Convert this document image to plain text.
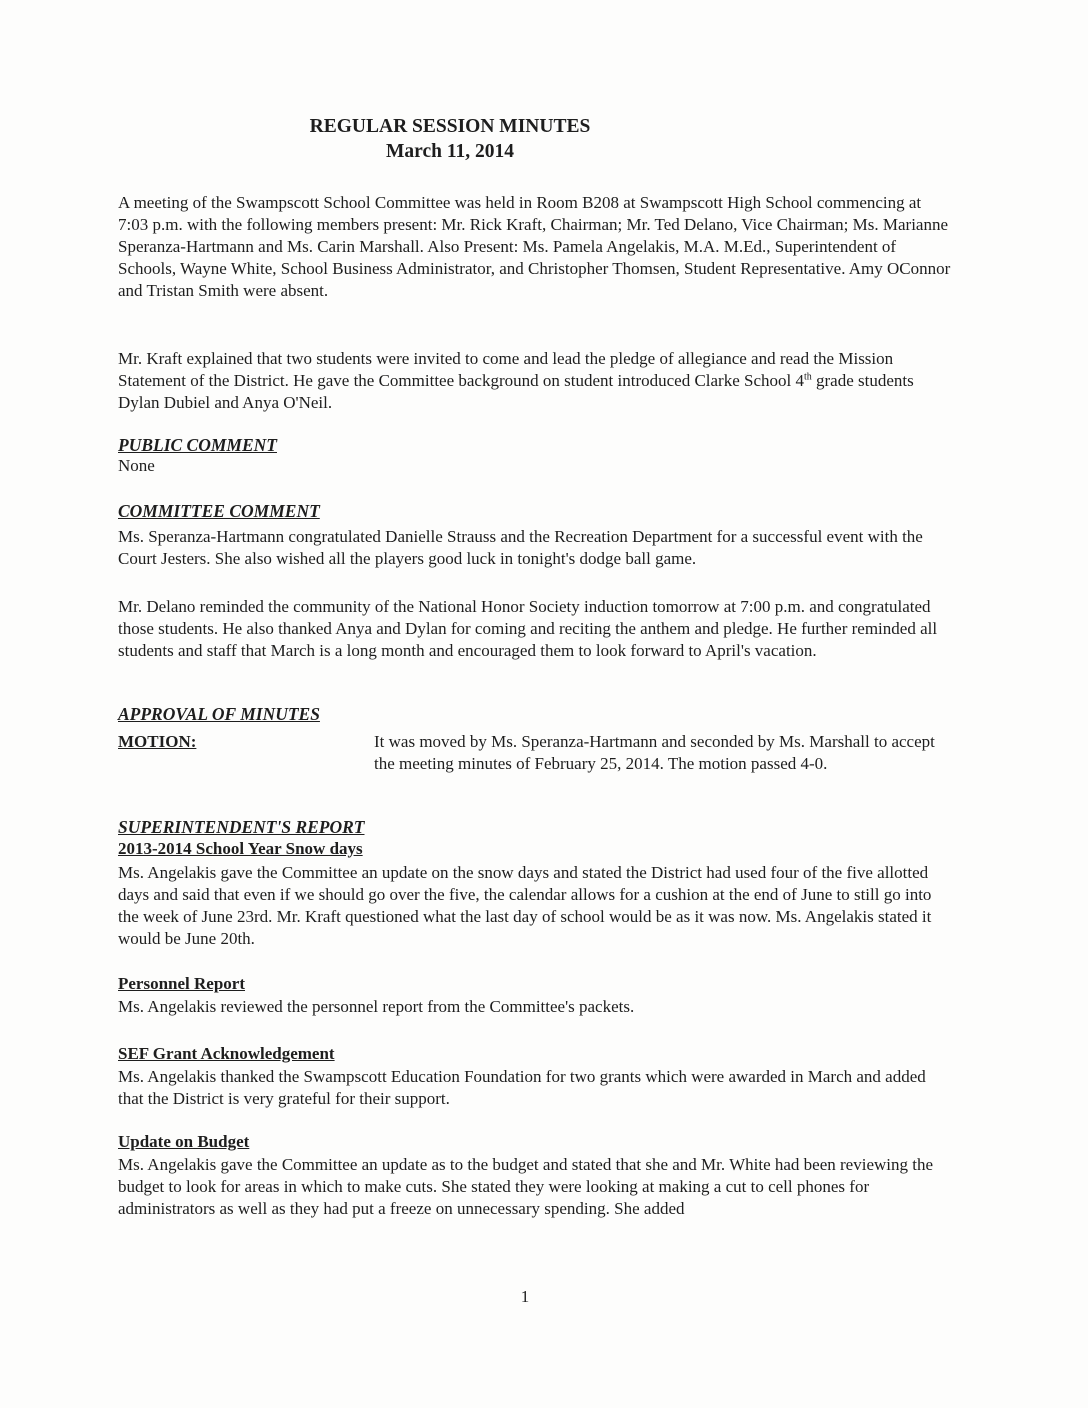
REGULAR SESSION MINUTES
March 11, 2014

A meeting of the Swampscott School Committee was held in Room B208 at Swampscott High School commencing at 7:03 p.m. with the following members present: Mr. Rick Kraft, Chairman; Mr. Ted Delano, Vice Chairman; Ms. Marianne Speranza-Hartmann and Ms. Carin Marshall. Also Present: Ms. Pamela Angelakis, M.A. M.Ed., Superintendent of Schools, Wayne White, School Business Administrator, and Christopher Thomsen, Student Representative. Amy OConnor and Tristan Smith were absent.

Mr. Kraft explained that two students were invited to come and lead the pledge of allegiance and read the Mission Statement of the District. He gave the Committee background on student introduced Clarke School 4th grade students Dylan Dubiel and Anya O'Neil.

PUBLIC COMMENT

None

COMMITTEE COMMENT

Ms. Speranza-Hartmann congratulated Danielle Strauss and the Recreation Department for a successful event with the Court Jesters. She also wished all the players good luck in tonight's dodge ball game.

Mr. Delano reminded the community of the National Honor Society induction tomorrow at 7:00 p.m. and congratulated those students. He also thanked Anya and Dylan for coming and reciting the anthem and pledge. He further reminded all students and staff that March is a long month and encouraged them to look forward to April's vacation.

APPROVAL OF MINUTES
MOTION:	It was moved by Ms. Speranza-Hartmann and seconded by Ms. Marshall to accept the meeting minutes of February 25, 2014. The motion passed 4-0.

SUPERINTENDENT'S REPORT
2013-2014 School Year Snow days

Ms. Angelakis gave the Committee an update on the snow days and stated the District had used four of the five allotted days and said that even if we should go over the five, the calendar allows for a cushion at the end of June to still go into the week of June 23rd. Mr. Kraft questioned what the last day of school would be as it was now. Ms. Angelakis stated it would be June 20th.

Personnel Report

Ms. Angelakis reviewed the personnel report from the Committee's packets.

SEF Grant Acknowledgement

Ms. Angelakis thanked the Swampscott Education Foundation for two grants which were awarded in March and added that the District is very grateful for their support.

Update on Budget

Ms. Angelakis gave the Committee an update as to the budget and stated that she and Mr. White had been reviewing the budget to look for areas in which to make cuts. She stated they were looking at making a cut to cell phones for administrators as well as they had put a freeze on unnecessary spending. She added

1
